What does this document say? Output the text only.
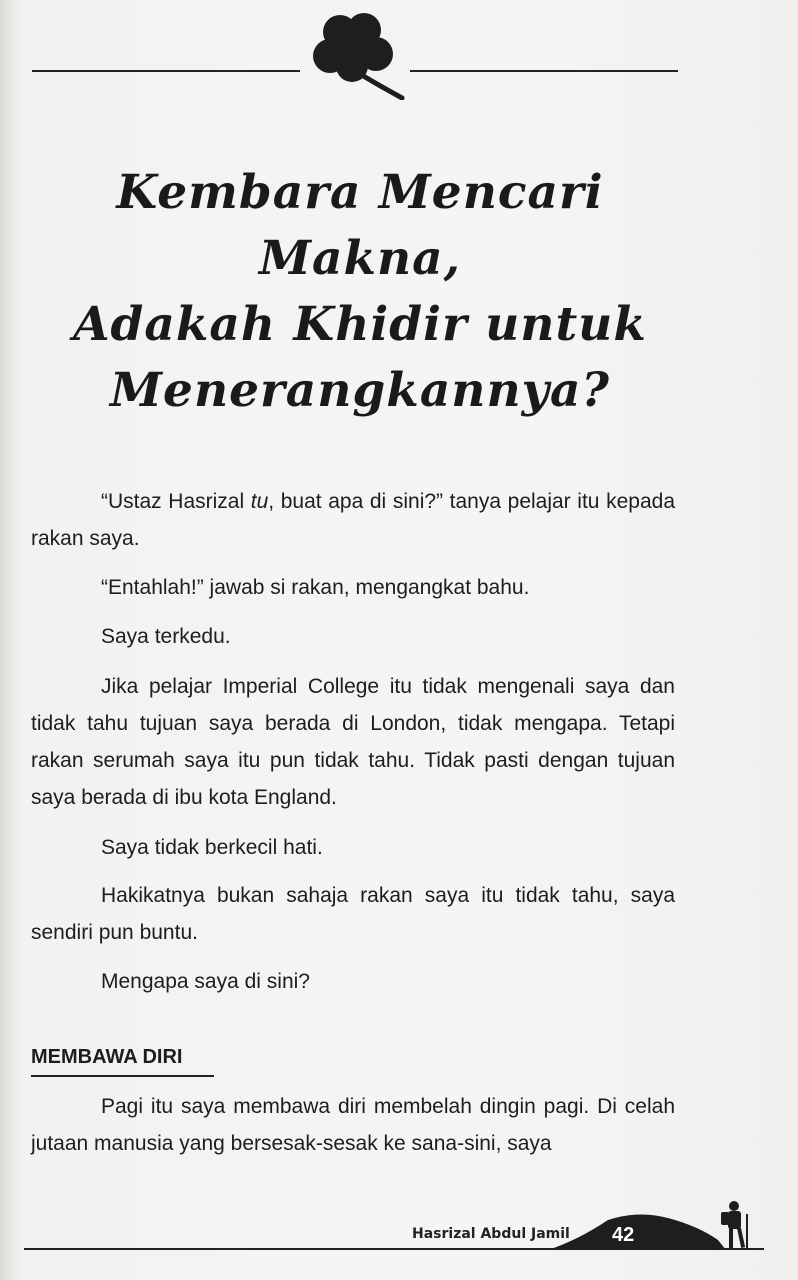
Kembara Mencari Makna,
Adakah Khidir untuk
Menerangkannya?

“Ustaz Hasrizal tu, buat apa di sini?” tanya pelajar itu kepada rakan saya.

“Entahlah!” jawab si rakan, mengangkat bahu.

Saya terkedu.

Jika pelajar Imperial College itu tidak mengenali saya dan tidak tahu tujuan saya berada di London, tidak mengapa. Tetapi rakan serumah saya itu pun tidak tahu. Tidak pasti dengan tujuan saya berada di ibu kota England.

Saya tidak berkecil hati.

Hakikatnya bukan sahaja rakan saya itu tidak tahu, saya sendiri pun buntu.

Mengapa saya di sini?

MEMBAWA DIRI

Pagi itu saya membawa diri membelah dingin pagi. Di celah jutaan manusia yang bersesak-sesak ke sana-sini, saya

Hasrizal Abdul Jamil 42
